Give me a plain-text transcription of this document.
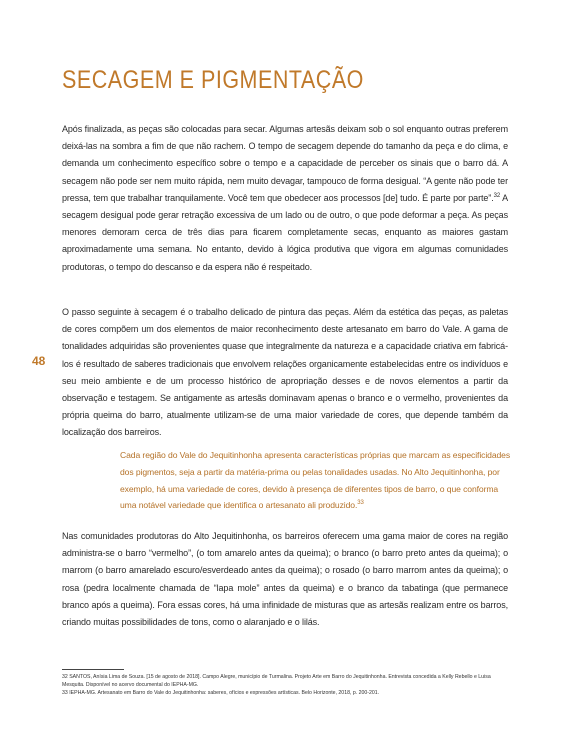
SECAGEM E PIGMENTAÇÃO
48

Após finalizada, as peças são colocadas para secar. Algumas artesãs deixam sob o sol enquanto outras preferem deixá-las na sombra a fim de que não rachem. O tempo de secagem depende do tamanho da peça e do clima, e demanda um conhecimento específico sobre o tempo e a capacidade de perceber os sinais que o barro dá. A secagem não pode ser nem muito rápida, nem muito devagar, tampouco de forma desigual. “A gente não pode ter pressa, tem que trabalhar tranquilamente. Você tem que obedecer aos processos [de] tudo. É parte por parte”.$^{32}$ A secagem desigual pode gerar retração excessiva de um lado ou de outro, o que pode deformar a peça. As peças menores demoram cerca de três dias para ficarem completamente secas, enquanto as maiores gastam aproximadamente uma semana. No entanto, devido à lógica produtiva que vigora em algumas comunidades produtoras, o tempo do descanso e da espera não é respeitado.

O passo seguinte à secagem é o trabalho delicado de pintura das peças. Além da estética das peças, as paletas de cores compõem um dos elementos de maior reconhecimento deste artesanato em barro do Vale. A gama de tonalidades adquiridas são provenientes quase que integralmente da natureza e a capacidade criativa em fabricá-los é resultado de saberes tradicionais que envolvem relações organicamente estabelecidas entre os indivíduos e seu meio ambiente e de um processo histórico de apropriação desses e de novos elementos a partir da observação e testagem. Se antigamente as artesãs dominavam apenas o branco e o vermelho, provenientes da própria queima do barro, atualmente utilizam-se de uma maior variedade de cores, que depende também da localização dos barreiros.

Cada região do Vale do Jequitinhonha apresenta características próprias que marcam as especificidades dos pigmentos, seja a partir da matéria-prima ou pelas tonalidades usadas. No Alto Jequitinhonha, por exemplo, há uma variedade de cores, devido à presença de diferentes tipos de barro, o que conforma uma notável variedade que identifica o artesanato ali produzido.$^{33}$

Nas comunidades produtoras do Alto Jequitinhonha, os barreiros oferecem uma gama maior de cores na região administra-se o barro “vermelho”, (o tom amarelo antes da queima); o branco (o barro preto antes da queima); o marrom (o barro amarelado escuro/esverdeado antes da queima); o rosado (o barro marrom antes da queima); o rosa (pedra localmente chamada de “lapa mole” antes da queima) e o branco da tabatinga (que permanece branco após a queima). Fora essas cores, há uma infinidade de misturas que as artesãs realizam entre os barros, criando muitas possibilidades de tons, como o alaranjado e o lilás.

32 SANTOS, Anísia Lima de Souza. [15 de agosto de 2018]. Campo Alegre, município de Turmalina. Projeto Arte em Barro do Jequitinhonha. Entrevista concedida a Kelly Rebello e Luisa Mesquita. Disponível no acervo documental do IEPHA-MG.

33 IEPHA-MG. Artesanato em Barro do Vale do Jequitinhonha: saberes, ofícios e expressões artísticas. Belo Horizonte, 2018, p. 200-201.
